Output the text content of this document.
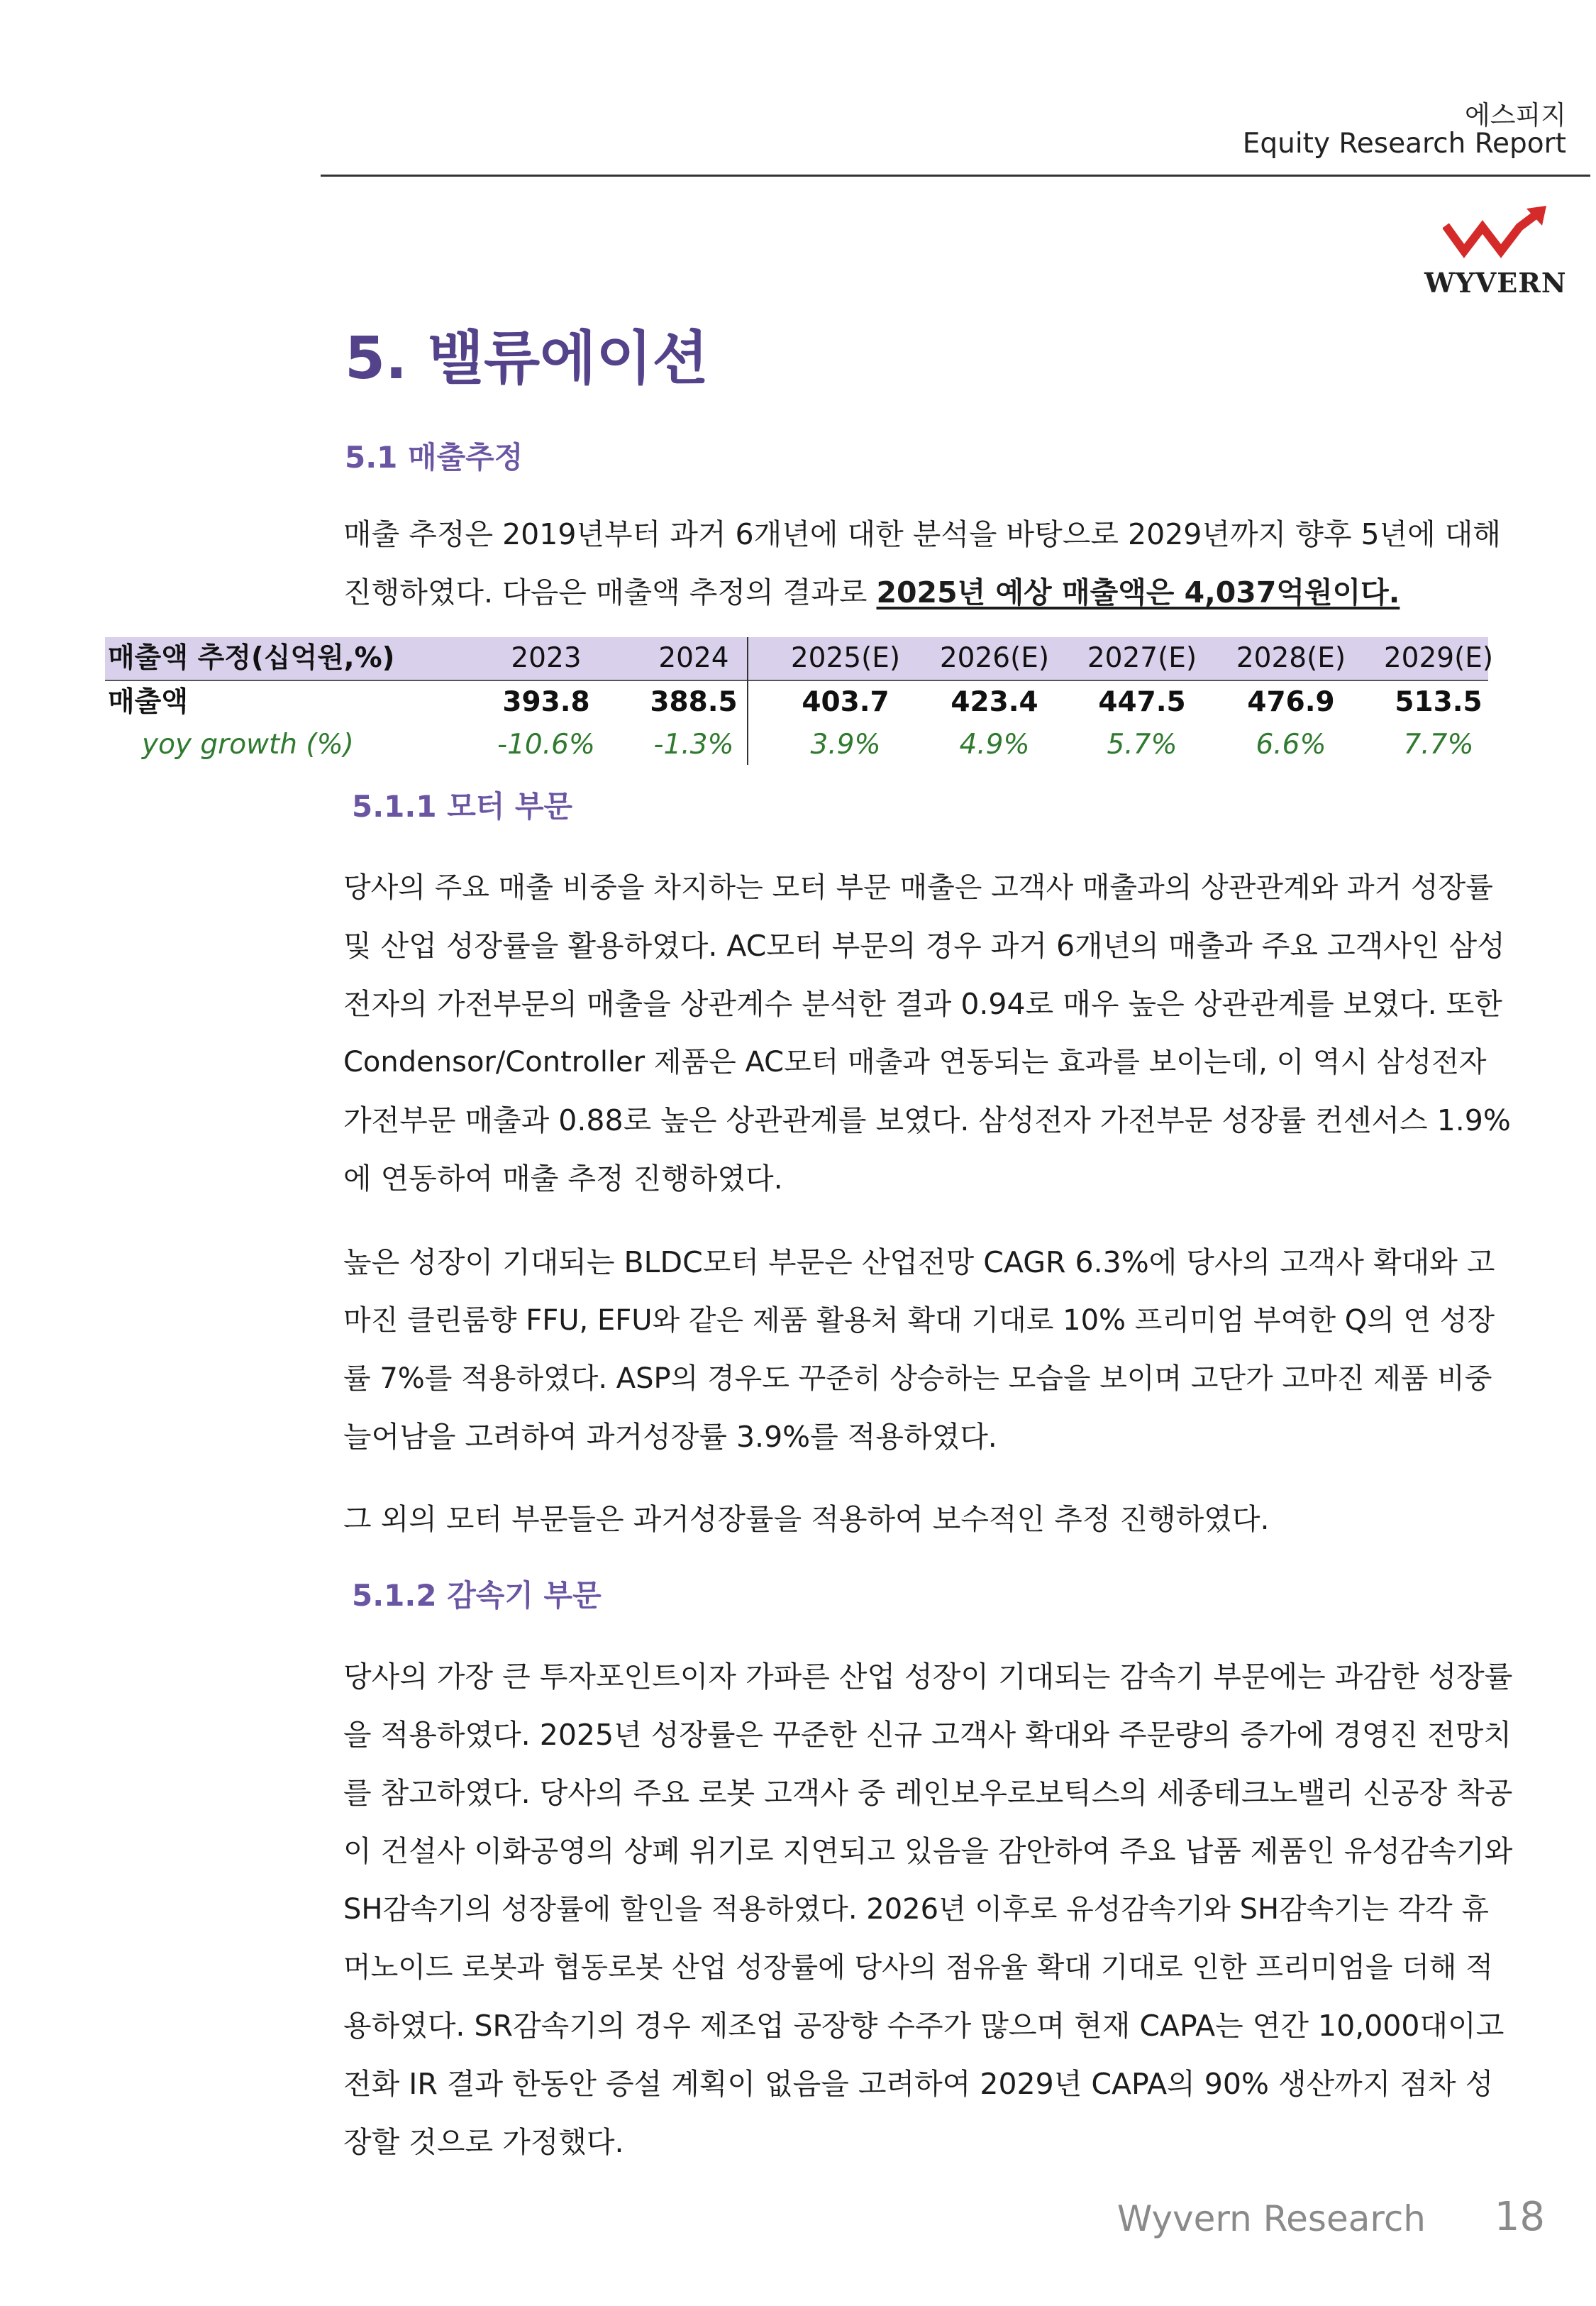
에스피지
Equity Research Report
WYVERN
5. 밸류에이션
5.1 매출추정
매출 추정은 2019년부터 과거 6개년에 대한 분석을 바탕으로 2029년까지 향후 5년에 대해
진행하였다. 다음은 매출액 추정의 결과로 2025년 예상 매출액은 4,037억원이다.
매출액 추정(십억원,%)	2023	2024	2025(E)	2026(E)	2027(E)	2028(E)	2029(E)
매출액	393.8	388.5	403.7	423.4	447.5	476.9	513.5
yoy growth (%)	-10.6%	-1.3%	3.9%	4.9%	5.7%	6.6%	7.7%
5.1.1 모터 부문
당사의 주요 매출 비중을 차지하는 모터 부문 매출은 고객사 매출과의 상관관계와 과거 성장률
및 산업 성장률을 활용하였다. AC모터 부문의 경우 과거 6개년의 매출과 주요 고객사인 삼성
전자의 가전부문의 매출을 상관계수 분석한 결과 0.94로 매우 높은 상관관계를 보였다. 또한
Condensor/Controller 제품은 AC모터 매출과 연동되는 효과를 보이는데, 이 역시 삼성전자
가전부문 매출과 0.88로 높은 상관관계를 보였다. 삼성전자 가전부문 성장률 컨센서스 1.9%
에 연동하여 매출 추정 진행하였다.
높은 성장이 기대되는 BLDC모터 부문은 산업전망 CAGR 6.3%에 당사의 고객사 확대와 고
마진 클린룸향 FFU, EFU와 같은 제품 활용처 확대 기대로 10% 프리미엄 부여한 Q의 연 성장
률 7%를 적용하였다. ASP의 경우도 꾸준히 상승하는 모습을 보이며 고단가 고마진 제품 비중
늘어남을 고려하여 과거성장률 3.9%를 적용하였다.
그 외의 모터 부문들은 과거성장률을 적용하여 보수적인 추정 진행하였다.
5.1.2 감속기 부문
당사의 가장 큰 투자포인트이자 가파른 산업 성장이 기대되는 감속기 부문에는 과감한 성장률
을 적용하였다. 2025년 성장률은 꾸준한 신규 고객사 확대와 주문량의 증가에 경영진 전망치
를 참고하였다. 당사의 주요 로봇 고객사 중 레인보우로보틱스의 세종테크노밸리 신공장 착공
이 건설사 이화공영의 상폐 위기로 지연되고 있음을 감안하여 주요 납품 제품인 유성감속기와
SH감속기의 성장률에 할인을 적용하였다. 2026년 이후로 유성감속기와 SH감속기는 각각 휴
머노이드 로봇과 협동로봇 산업 성장률에 당사의 점유율 확대 기대로 인한 프리미엄을 더해 적
용하였다. SR감속기의 경우 제조업 공장향 수주가 많으며 현재 CAPA는 연간 10,000대이고
전화 IR 결과 한동안 증설 계획이 없음을 고려하여 2029년 CAPA의 90% 생산까지 점차 성
장할 것으로 가정했다.
Wyvern Research 18
